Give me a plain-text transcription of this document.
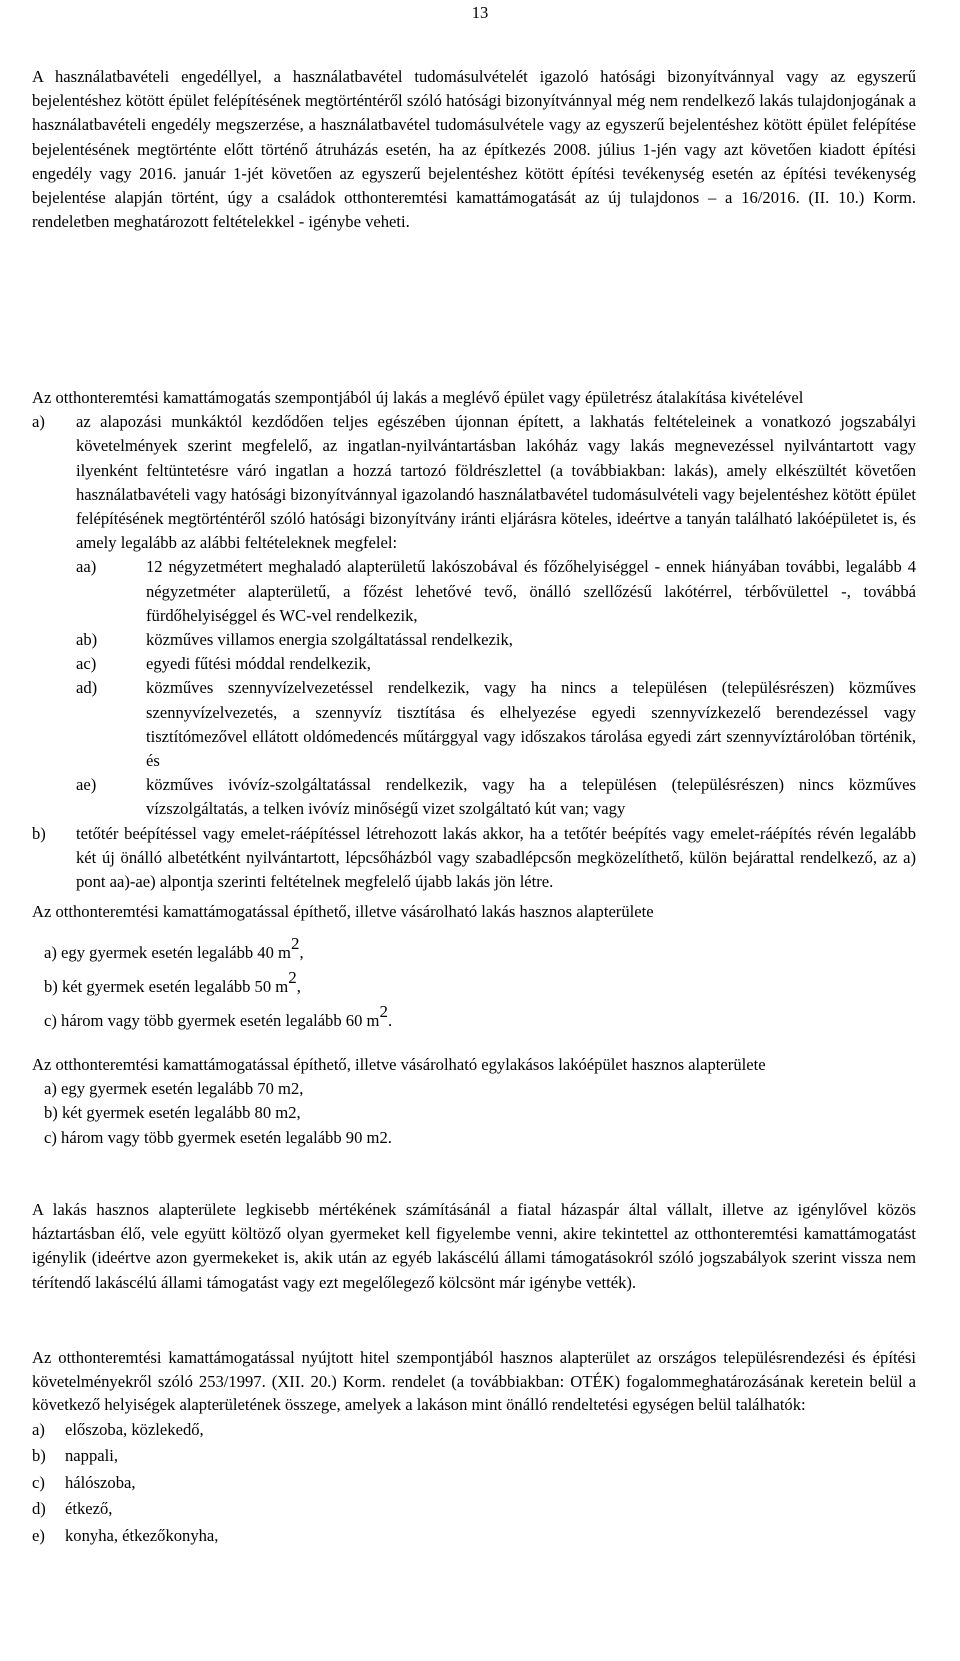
13

A használatbavételi engedéllyel, a használatbavétel tudomásulvételét igazoló hatósági bizonyítvánnyal vagy az egyszerű bejelentéshez kötött épület felépítésének megtörténtéről szóló hatósági bizonyítvánnyal még nem rendelkező lakás tulajdonjogának a használatbavételi engedély megszerzése, a használatbavétel tudomásulvétele vagy az egyszerű bejelentéshez kötött épület felépítése bejelentésének megtörténte előtt történő átruházás esetén, ha az építkezés 2008. július 1-jén vagy azt követően kiadott építési engedély vagy 2016. január 1-jét követően az egyszerű bejelentéshez kötött építési tevékenység esetén az építési tevékenység bejelentése alapján történt, úgy a családok otthonteremtési kamattámogatását az új tulajdonos – a 16/2016. (II. 10.) Korm. rendeletben meghatározott feltételekkel - igénybe veheti.

Az otthonteremtési kamattámogatás szempontjából új lakás a meglévő épület vagy épületrész átalakítása kivételével

a) az alapozási munkáktól kezdődően teljes egészében újonnan épített, a lakhatás feltételeinek a vonatkozó jogszabályi követelmények szerint megfelelő, az ingatlan-nyilvántartásban lakóház vagy lakás megnevezéssel nyilvántartott vagy ilyenként feltüntetésre váró ingatlan a hozzá tartozó földrészlettel (a továbbiakban: lakás), amely elkészültét követően használatbavételi vagy hatósági bizonyítvánnyal igazolandó használatbavétel tudomásulvételi vagy bejelentéshez kötött épület felépítésének megtörténtéről szóló hatósági bizonyítvány iránti eljárásra köteles, ideértve a tanyán található lakóépületet is, és amely legalább az alábbi feltételeknek megfelel:
aa)	12 négyzetmétert meghaladó alapterületű lakószobával és főzőhelyiséggel - ennek hiányában további, legalább 4 négyzetméter alapterületű, a főzést lehetővé tevő, önálló szellőzésű lakótérrel, térbővülettel -, továbbá fürdőhelyiséggel és WC-vel rendelkezik,
ab)	közműves villamos energia szolgáltatással rendelkezik,
ac)	egyedi fűtési móddal rendelkezik,
ad)	közműves szennyvízelvezetéssel rendelkezik, vagy ha nincs a településen (településrészen) közműves szennyvízelvezetés, a szennyvíz tisztítása és elhelyezése egyedi szennyvízkezelő berendezéssel vagy tisztítómezővel ellátott oldómedencés műtárggyal vagy időszakos tárolása egyedi zárt szennyvíztárolóban történik, és
ae)	közműves ivóvíz-szolgáltatással rendelkezik, vagy ha a településen (településrészen) nincs közműves vízszolgáltatás, a telken ivóvíz minőségű vizet szolgáltató kút van; vagy
b) tetőtér beépítéssel vagy emelet-ráépítéssel létrehozott lakás akkor, ha a tetőtér beépítés vagy emelet-ráépítés révén legalább két új önálló albetétként nyilvántartott, lépcsőházból vagy szabadlépcsőn megközelíthető, külön bejárattal rendelkező, az a) pont aa)-ae) alpontja szerinti feltételnek megfelelő újabb lakás jön létre.

Az otthonteremtési kamattámogatással építhető, illetve vásárolható lakás hasznos alapterülete

a) egy gyermek esetén legalább 40 m2,
b) két gyermek esetén legalább 50 m2,
c) három vagy több gyermek esetén legalább 60 m2.

Az otthonteremtési kamattámogatással építhető, illetve vásárolható egylakásos lakóépület hasznos alapterülete

a) egy gyermek esetén legalább 70 m2,
b) két gyermek esetén legalább 80 m2,
c) három vagy több gyermek esetén legalább 90 m2.

A lakás hasznos alapterülete legkisebb mértékének számításánál a fiatal házaspár által vállalt, illetve az igénylővel közös háztartásban élő, vele együtt költöző olyan gyermeket kell figyelembe venni, akire tekintettel az otthonteremtési kamattámogatást igénylik (ideértve azon gyermekeket is, akik után az egyéb lakáscélú állami támogatásokról szóló jogszabályok szerint vissza nem térítendő lakáscélú állami támogatást vagy ezt megelőlegező kölcsönt már igénybe vették).

Az otthonteremtési kamattámogatással nyújtott hitel szempontjából hasznos alapterület az országos településrendezési és építési követelményekről szóló 253/1997. (XII. 20.) Korm. rendelet (a továbbiakban: OTÉK) fogalommeghatározásának keretein belül a következő helyiségek alapterületének összege, amelyek a lakáson mint önálló rendeltetési egységen belül találhatók:

a) előszoba, közlekedő,
b) nappali,
c) hálószoba,
d) étkező,
e) konyha, étkezőkonyha,
